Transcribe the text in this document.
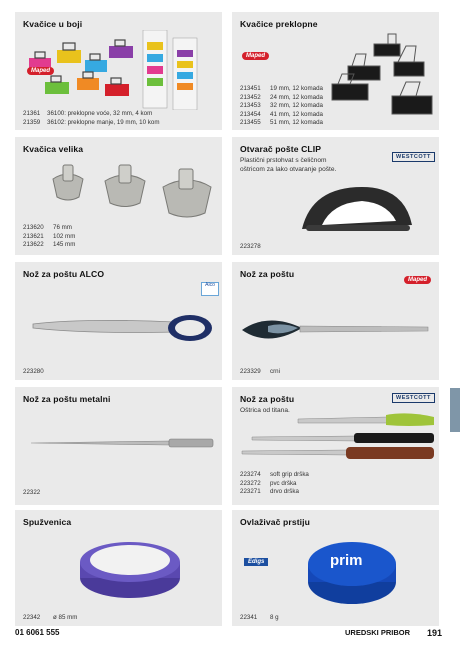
Kvačice u boji
Maped
21361 36100: preklopne voće, 32 mm, 4 kom
21359 36102: preklopne manje, 19 mm, 10 kom
Kvačice preklopne
Maped
213451 19 mm, 12 komada
213452 24 mm, 12 komada
213453 32 mm, 12 komada
213454 41 mm, 12 komada
213455 51 mm, 12 komada
Kvačica velika
213620 76 mm
213621 102 mm
213622 145 mm
Otvarač pošte CLIP
Plastični prstohvat s čeličnom oštricom za lako otvaranje pošte.
WESTCOTT
223278
Nož za poštu ALCO
Alco
223280
Nož za poštu
Maped
223329 crni
Nož za poštu metalni
22322
Nož za poštu
Oštrica od titana.
WESTCOTT
223274 soft grip drška
223272 pvc drška
223271 drvo drška
Spužvenica
22342 ø 85 mm
Ovlaživač prstiju
Edigs	prim
22341 8 g
01 6061 555	UREDSKI PRIBOR 191
